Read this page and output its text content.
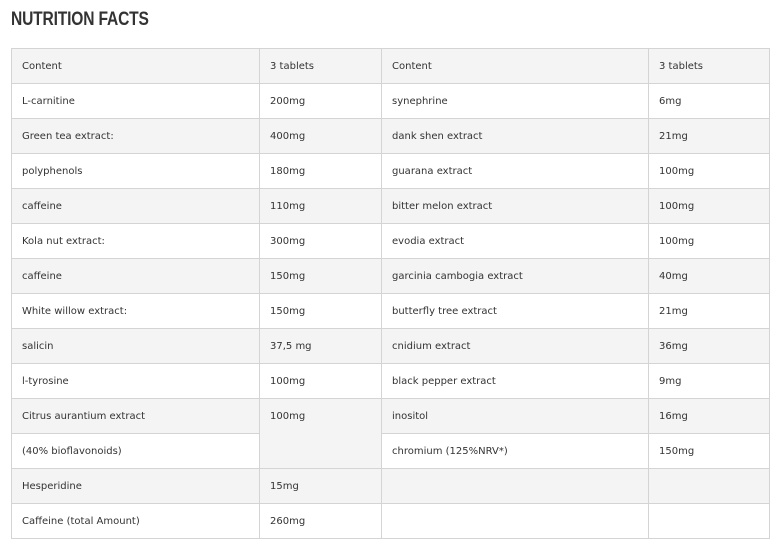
NUTRITION FACTS
Content	3 tablets	Content	3 tablets
L-carnitine	200mg	synephrine	6mg
Green tea extract:	400mg	dank shen extract	21mg
polyphenols	180mg	guarana extract	100mg
caffeine	110mg	bitter melon extract	100mg
Kola nut extract:	300mg	evodia extract	100mg
caffeine	150mg	garcinia cambogia extract	40mg
White willow extract:	150mg	butterfly tree extract	21mg
salicin	37,5 mg	cnidium extract	36mg
l-tyrosine	100mg	black pepper extract	9mg
Citrus aurantium extract	100mg	inositol	16mg
(40% bioflavonoids)		chromium (125%NRV*)	150mg
Hesperidine	15mg		
Caffeine (total Amount)	260mg		
